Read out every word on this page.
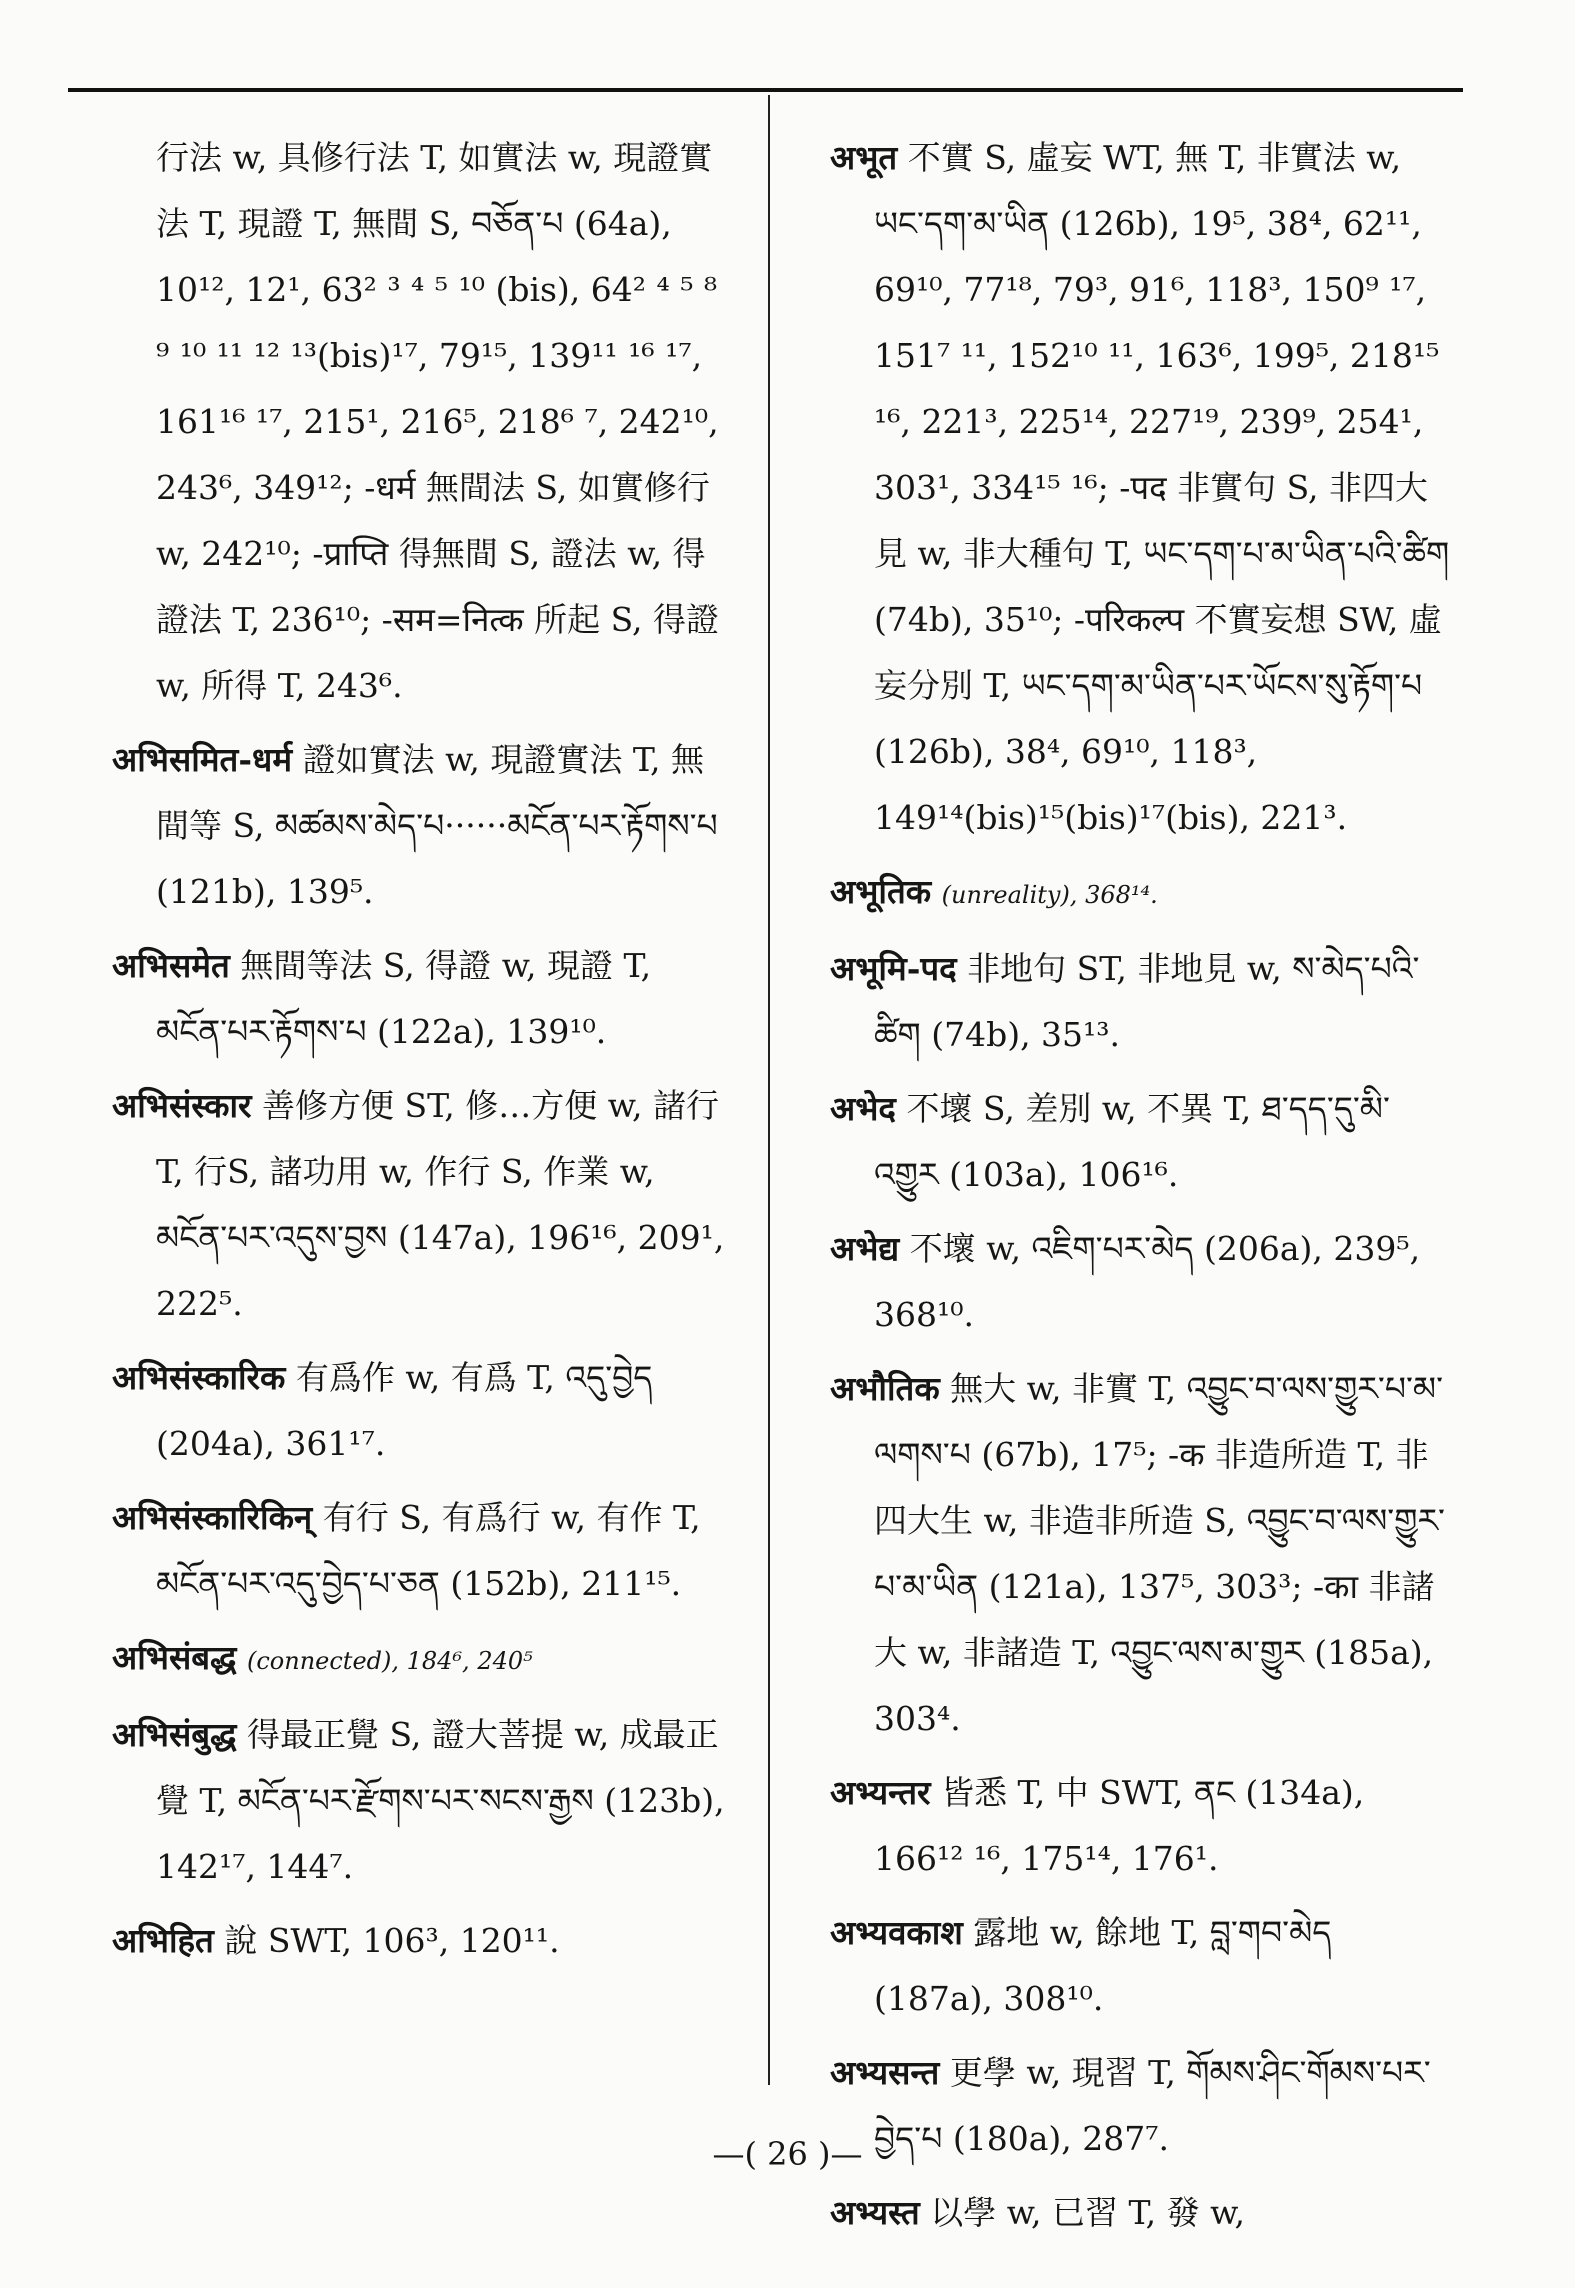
行法 w, 具修行法 T, 如實法 w, 現證實法 T, 現證 T, 無間 S, བཅོན་པ (64a), 10¹², 12¹, 63² ³ ⁴ ⁵ ¹⁰ (bis), 64² ⁴ ⁵ ⁸ ⁹ ¹⁰ ¹¹ ¹² ¹³(bis)¹⁷, 79¹⁵, 139¹¹ ¹⁶ ¹⁷, 161¹⁶ ¹⁷, 215¹, 216⁵, 218⁶ ⁷, 242¹⁰, 243⁶, 349¹²; -धर्म 無間法 S, 如實修行 w, 242¹⁰; -प्राप्ति 得無間 S, 證法 w, 得證法 T, 236¹⁰; -सम=नित्क 所起 S, 得證 w, 所得 T, 243⁶.

अभिसमित-धर्म 證如實法 w, 現證實法 T, 無間等 S, མཚམས་མེད་པ······མངོན་པར་རྟོགས་པ (121b), 139⁵.

अभिसमेत 無間等法 S, 得證 w, 現證 T, མངོན་པར་རྟོགས་པ (122a), 139¹⁰.

अभिसंस्कार 善修方便 ST, 修…方便 w, 諸行 T, 行S, 諸功用 w, 作行 S, 作業 w, མངོན་པར་འདུས་བྱས (147a), 196¹⁶, 209¹, 222⁵.

अभिसंस्कारिक 有爲作 w, 有爲 T, འདུ་བྱེད (204a), 361¹⁷.

अभिसंस्कारिकिन् 有行 S, 有爲行 w, 有作 T, མངོན་པར་འདུ་བྱེད་པ་ཅན (152b), 211¹⁵.

अभिसंबद्ध (connected), 184⁶, 240⁵

अभिसंबुद्ध 得最正覺 S, 證大菩提 w, 成最正覺 T, མངོན་པར་རྫོགས་པར་སངས་རྒྱས (123b), 142¹⁷, 144⁷.

अभिहित 說 SWT, 106³, 120¹¹.

अभूत 不實 S, 虛妄 WT, 無 T, 非實法 w, ཡང་དག་མ་ཡིན (126b), 19⁵, 38⁴, 62¹¹, 69¹⁰, 77¹⁸, 79³, 91⁶, 118³, 150⁹ ¹⁷, 151⁷ ¹¹, 152¹⁰ ¹¹, 163⁶, 199⁵, 218¹⁵ ¹⁶, 221³, 225¹⁴, 227¹⁹, 239⁹, 254¹, 303¹, 334¹⁵ ¹⁶; -पद 非實句 S, 非四大見 w, 非大種句 T, ཡང་དག་པ་མ་ཡིན་པའི་ཚིག (74b), 35¹⁰; -परिकल्प 不實妄想 SW, 虛妄分別 T, ཡང་དག་མ་ཡིན་པར་ཡོངས་སུ་རྟོག་པ (126b), 38⁴, 69¹⁰, 118³, 149¹⁴(bis)¹⁵(bis)¹⁷(bis), 221³.

अभूतिक (unreality), 368¹⁴.

अभूमि-पद 非地句 ST, 非地見 w, ས་མེད་པའི་ཚིག (74b), 35¹³.

अभेद 不壞 S, 差別 w, 不異 T, ཐ་དད་དུ་མི་འགྱུར (103a), 106¹⁶.

अभेद्य 不壞 w, འཇིག་པར་མེད (206a), 239⁵, 368¹⁰.

अभौतिक 無大 w, 非實 T, འབྱུང་བ་ལས་གྱུར་པ་མ་ལགས་པ (67b), 17⁵; -क 非造所造 T, 非四大生 w, 非造非所造 S, འབྱུང་བ་ལས་གྱུར་པ་མ་ཡིན (121a), 137⁵, 303³; -का 非諸大 w, 非諸造 T, འབྱུང་ལས་མ་གྱུར (185a), 303⁴.

अभ्यन्तर 皆悉 T, 中 SWT, ནང (134a), 166¹² ¹⁶, 175¹⁴, 176¹.

अभ्यवकाश 露地 w, 餘地 T, བླ་གབ་མེད (187a), 308¹⁰.

अभ्यसन्त 更學 w, 現習 T, གོམས་ཤིང་གོམས་པར་བྱེད་པ (180a), 287⁷.

अभ्यस्त 以學 w, 已習 T, 發 w,

—( 26 )—
